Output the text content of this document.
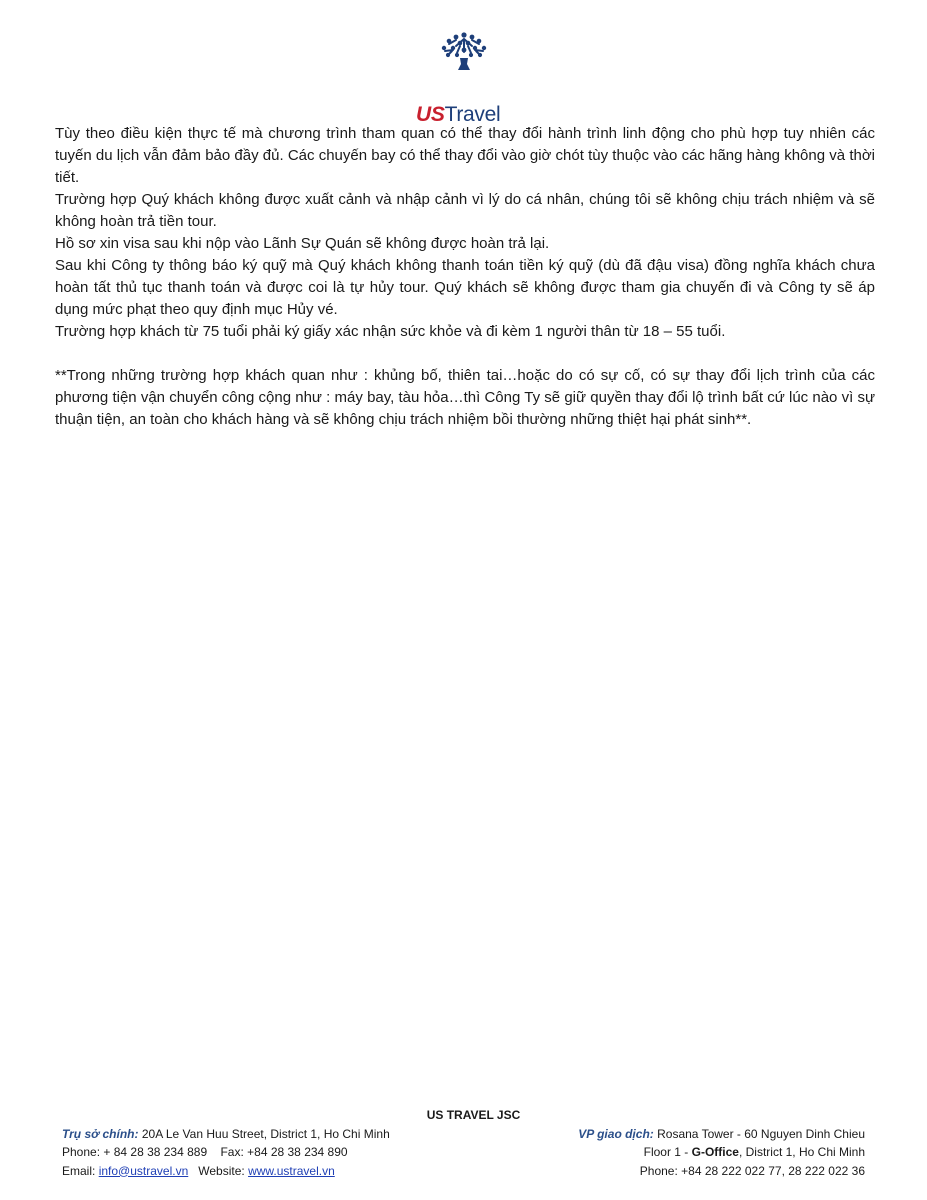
USTravel

Tùy theo điều kiện thực tế mà chương trình tham quan có thể thay đổi hành trình linh động cho phù hợp tuy nhiên các tuyến du lịch vẫn đảm bảo đầy đủ. Các chuyến bay có thể thay đổi vào giờ chót tùy thuộc vào các hãng hàng không và thời tiết.

Trường hợp Quý khách không được xuất cảnh và nhập cảnh vì lý do cá nhân, chúng tôi sẽ không chịu trách nhiệm và sẽ không hoàn trả tiền tour.

Hồ sơ xin visa sau khi nộp vào Lãnh Sự Quán sẽ không được hoàn trả lại.

Sau khi Công ty thông báo ký quỹ mà Quý khách không thanh toán tiền ký quỹ (dù đã đậu visa) đồng nghĩa khách chưa hoàn tất thủ tục thanh toán và được coi là tự hủy tour. Quý khách sẽ không được tham gia chuyến đi và Công ty sẽ áp dụng mức phạt theo quy định mục Hủy vé.

Trường hợp khách từ 75 tuổi phải ký giấy xác nhận sức khỏe và đi kèm 1 người thân từ 18 – 55 tuổi.

**Trong những trường hợp khách quan như : khủng bố, thiên tai…hoặc do có sự cố, có sự thay đổi lịch trình của các phương tiện vận chuyển công cộng như : máy bay, tàu hỏa…thì Công Ty sẽ giữ quyền thay đổi lộ trình bất cứ lúc nào vì sự thuận tiện, an toàn cho khách hàng và sẽ không chịu trách nhiệm bồi thường những thiệt hại phát sinh**.

US TRAVEL JSC
Trụ sở chính: 20A Le Van Huu Street, District 1, Ho Chi Minh
Phone: + 84 28 38 234 889    Fax: +84 28 38 234 890
Email: info@ustravel.vn   Website: www.ustravel.vn
VP giao dịch: Rosana Tower - 60 Nguyen Dinh Chieu
Floor 1 - G-Office, District 1, Ho Chi Minh
Phone: +84 28 222 022 77, 28 222 022 36
